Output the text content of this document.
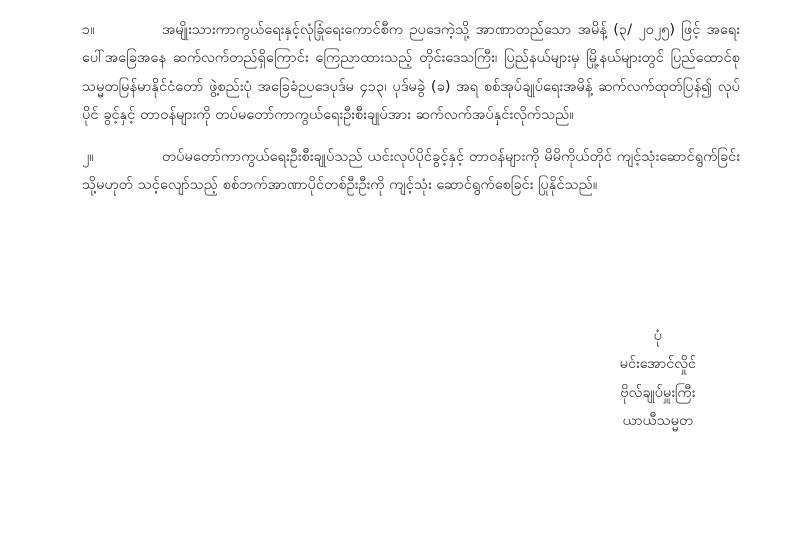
၁။	အမျိုးသားကာကွယ်ရေးနှင့်လုံခြုံရေးကောင်စီက ဉပဒေကဲ့သို့ အာဏာတည်သော အမိန့် (၃/ ၂၀၂၅) ဖြင့် အရေးပေါ်အခြေအနေ ဆက်လက်တည်ရှိကြောင်း ကြေညာထားသည့် တိုင်းဒေသကြီး၊ ပြည်နယ်များမှ မြို့နယ်များတွင် ပြည်ထောင်စုသမ္မတမြန်မာနိုင်ငံတော် ဖွဲ့စည်းပုံ အခြေခံဉပဒေပုဒ်မ ၄၁၃၊ ပုဒ်မခွဲ (ခ) အရ စစ်အုပ်ချုပ်ရေးအမိန့် ဆက်လက်ထုတ်ပြန်၍ လုပ်ပိုင် ခွင့်နှင့် တာဝန်များကို တပ်မတော်ကာကွယ်ရေးဦးစီးချုပ်အား ဆက်လက်အပ်နှင်းလိုက်သည်။

၂။	တပ်မတော်ကာကွယ်ရေးဦးစီးချုပ်သည် ယင်းလုပ်ပိုင်ခွင့်နှင့် တာဝန်များကို မိမိကိုယ်တိုင် ကျင့်သုံးဆောင်ရွက်ခြင်း သို့မဟုတ် သင့်လျော်သည့် စစ်ဘက်အာဏာပိုင်တစ်ဦးဦးကို ကျင့်သုံး ဆောင်ရွက်စေခြင်း ပြုနိုင်သည်။

ပုံ
မင်းအောင်လှိုင်
ဗိုလ်ချုပ်မှူးကြီး
ယာယီသမ္မတ
